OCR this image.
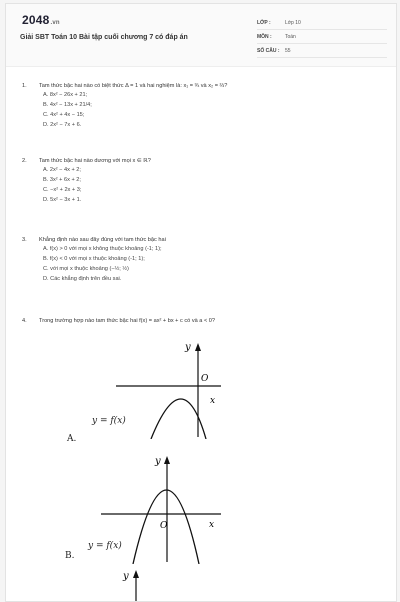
2048.vn
Giải SBT Toán 10 Bài tập cuối chương 7 có đáp án
LỚP :	Lớp 10
MÔN :	Toán
SỐ CÂU : 55
1. Tam thức bậc hai nào có biệt thức Δ = 1 và hai nghiệm là: x₁ = ¾ và x₂ = ⅔?
A. 8x² − 26x + 21;
B. 4x² − 13x + 21/4;
C. 4x² + 4x − 15;
D. 2x² − 7x + 6.
2. Tam thức bậc hai nào dương với mọi x ∈ ℝ?
A. 2x² − 4x + 2;
B. 3x² + 6x + 2;
C. −x² + 2x + 3;
D. 5x² − 3x + 1.
3. Khẳng định nào sau đây đúng với tam thức bậc hai
A. f(x) > 0 với mọi x không thuộc khoảng (-1; 1);
B. f(x) < 0 với mọi x thuộc khoảng (-1; 1);
C. với mọi x thuộc khoảng (−½; ½)
D. Các khẳng định trên đều sai.
4. Trong trường hợp nào tam thức bậc hai f(x) = ax² + bx + c có và a < 0?
y
O
x
y = f(x)
A.
y
O	x
y = f(x)
B.
y
